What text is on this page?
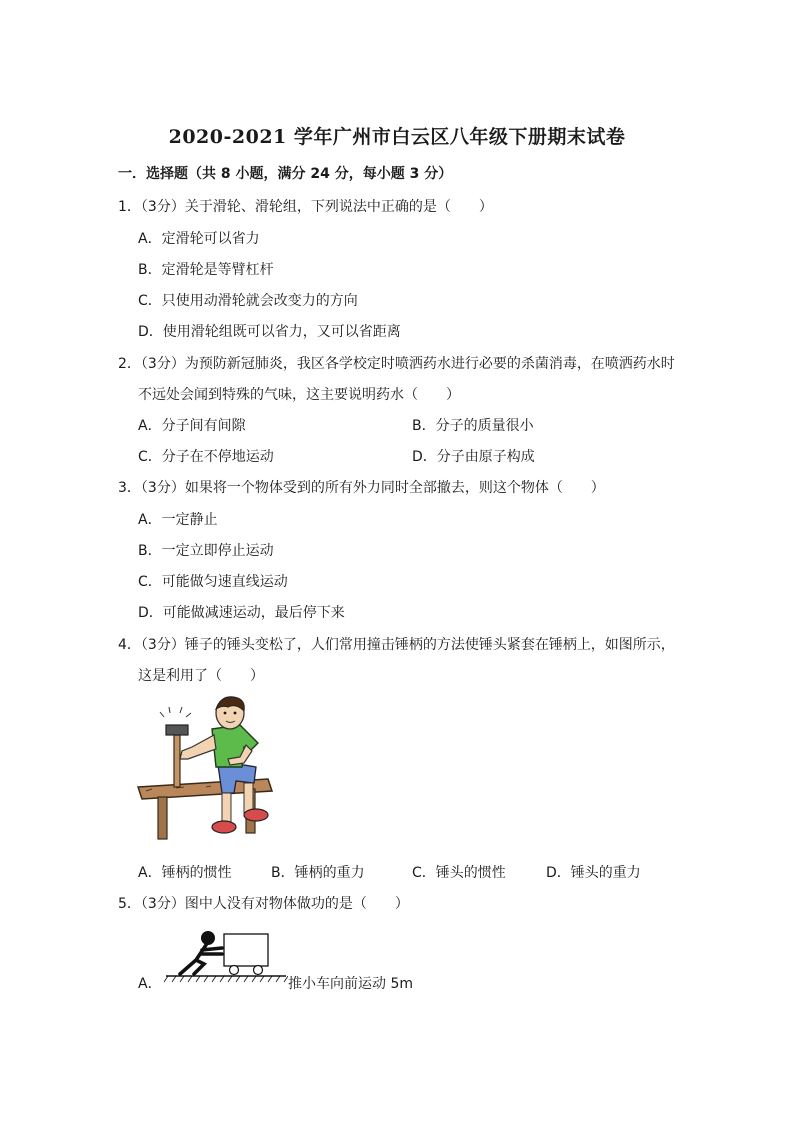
2020-2021 学年广州市白云区八年级下册期末试卷
一．选择题（共 8 小题，满分 24 分，每小题 3 分）
1．（3分）关于滑轮、滑轮组，下列说法中正确的是（　　）
A．定滑轮可以省力
B．定滑轮是等臂杠杆
C．只使用动滑轮就会改变力的方向
D．使用滑轮组既可以省力，又可以省距离
2．（3分）为预防新冠肺炎，我区各学校定时喷洒药水进行必要的杀菌消毒，在喷洒药水时
不远处会闻到特殊的气味，这主要说明药水（　　）
A．分子间有间隙	B．分子的质量很小
C．分子在不停地运动	D．分子由原子构成
3．（3分）如果将一个物体受到的所有外力同时全部撤去，则这个物体（　　）
A．一定静止
B．一定立即停止运动
C．可能做匀速直线运动
D．可能做减速运动，最后停下来
4．（3分）锤子的锤头变松了，人们常用撞击锤柄的方法使锤头紧套在锤柄上，如图所示，
这是利用了（　　）
A．锤柄的惯性	B．锤柄的重力	C．锤头的惯性	D．锤头的重力
5．（3分）图中人没有对物体做功的是（　　）
A．	推小车向前运动 5m
